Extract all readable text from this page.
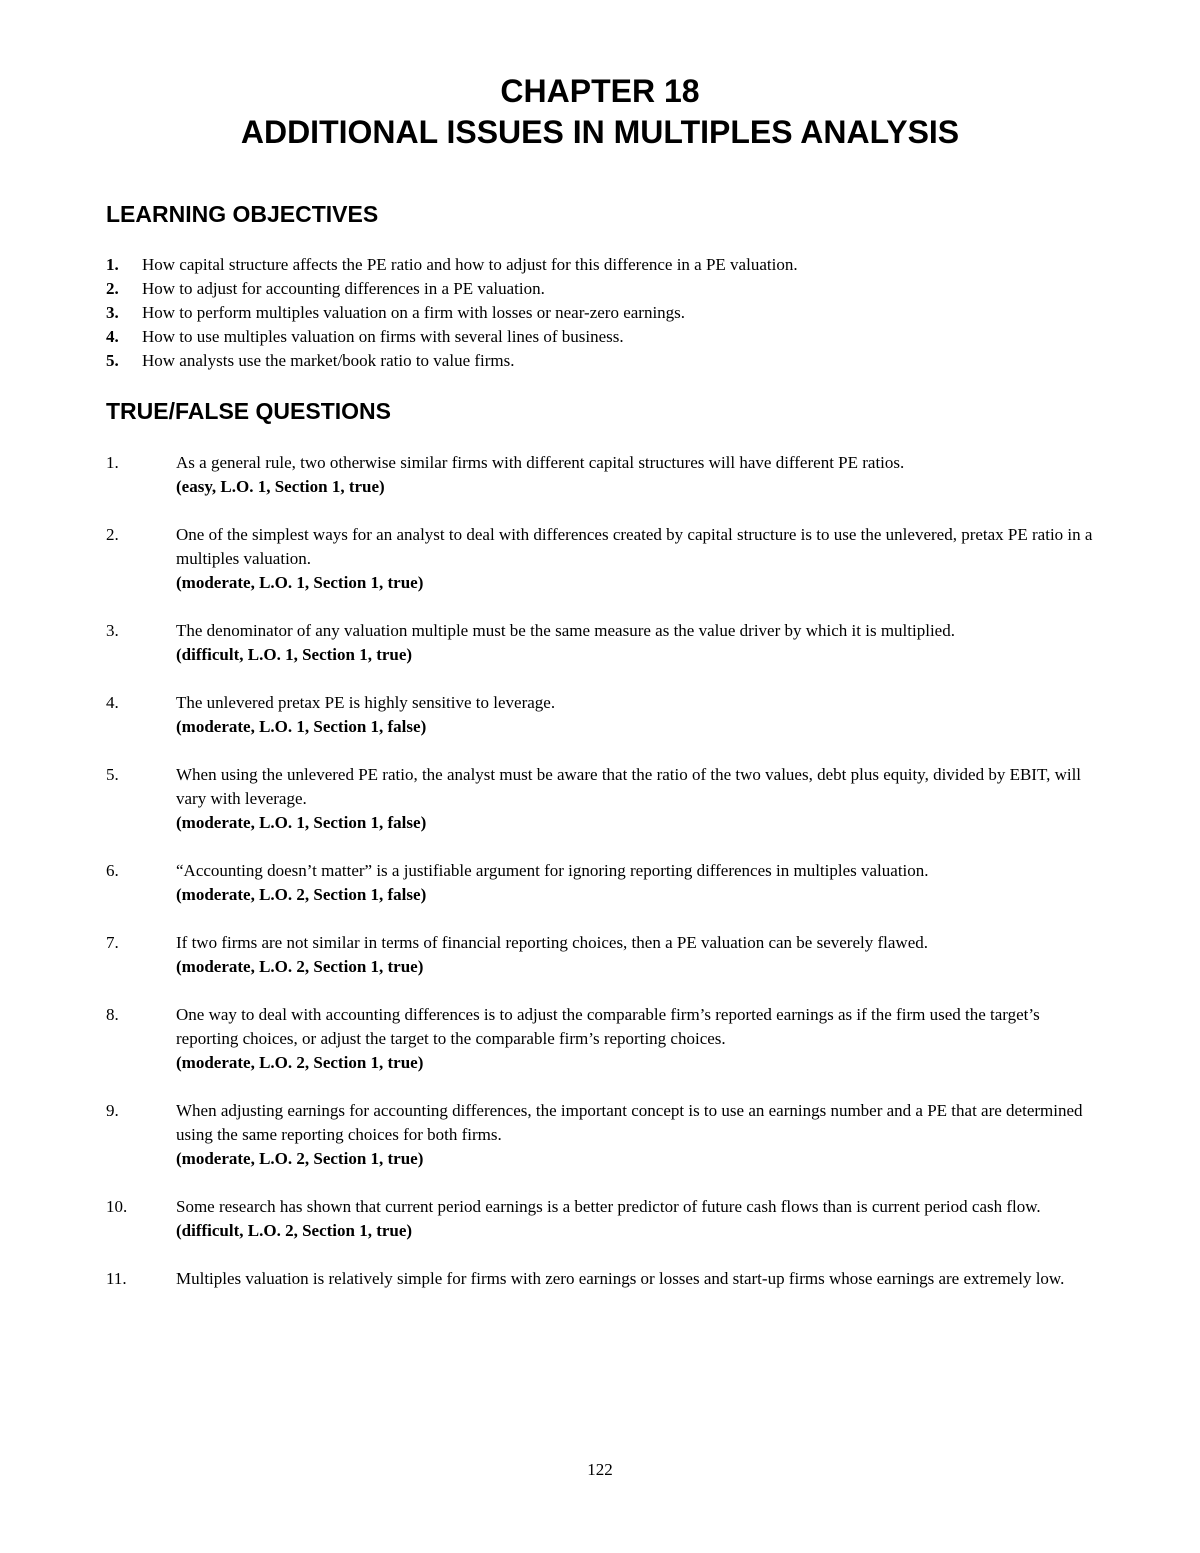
CHAPTER 18
ADDITIONAL ISSUES IN MULTIPLES ANALYSIS
LEARNING OBJECTIVES
1. How capital structure affects the PE ratio and how to adjust for this difference in a PE valuation.
2. How to adjust for accounting differences in a PE valuation.
3. How to perform multiples valuation on a firm with losses or near-zero earnings.
4. How to use multiples valuation on firms with several lines of business.
5. How analysts use the market/book ratio to value firms.
TRUE/FALSE QUESTIONS
1.	As a general rule, two otherwise similar firms with different capital structures will have different PE ratios.
(easy, L.O. 1, Section 1, true)
2.	One of the simplest ways for an analyst to deal with differences created by capital structure is to use the unlevered, pretax PE ratio in a multiples valuation.
(moderate, L.O. 1, Section 1, true)
3.	The denominator of any valuation multiple must be the same measure as the value driver by which it is multiplied.
(difficult, L.O. 1, Section 1, true)
4.	The unlevered pretax PE is highly sensitive to leverage.
(moderate, L.O. 1, Section 1, false)
5.	When using the unlevered PE ratio, the analyst must be aware that the ratio of the two values, debt plus equity, divided by EBIT, will vary with leverage.
(moderate, L.O. 1, Section 1, false)
6.	“Accounting doesn’t matter” is a justifiable argument for ignoring reporting differences in multiples valuation.
(moderate, L.O. 2, Section 1, false)
7.	If two firms are not similar in terms of financial reporting choices, then a PE valuation can be severely flawed.
(moderate, L.O. 2, Section 1, true)
8.	One way to deal with accounting differences is to adjust the comparable firm’s reported earnings as if the firm used the target’s reporting choices, or adjust the target to the comparable firm’s reporting choices.
(moderate, L.O. 2, Section 1, true)
9.	When adjusting earnings for accounting differences, the important concept is to use an earnings number and a PE that are determined using the same reporting choices for both firms.
(moderate, L.O. 2, Section 1, true)
10.	Some research has shown that current period earnings is a better predictor of future cash flows than is current period cash flow.
(difficult, L.O. 2, Section 1, true)
11.	Multiples valuation is relatively simple for firms with zero earnings or losses and start-up firms whose earnings are extremely low.
122
